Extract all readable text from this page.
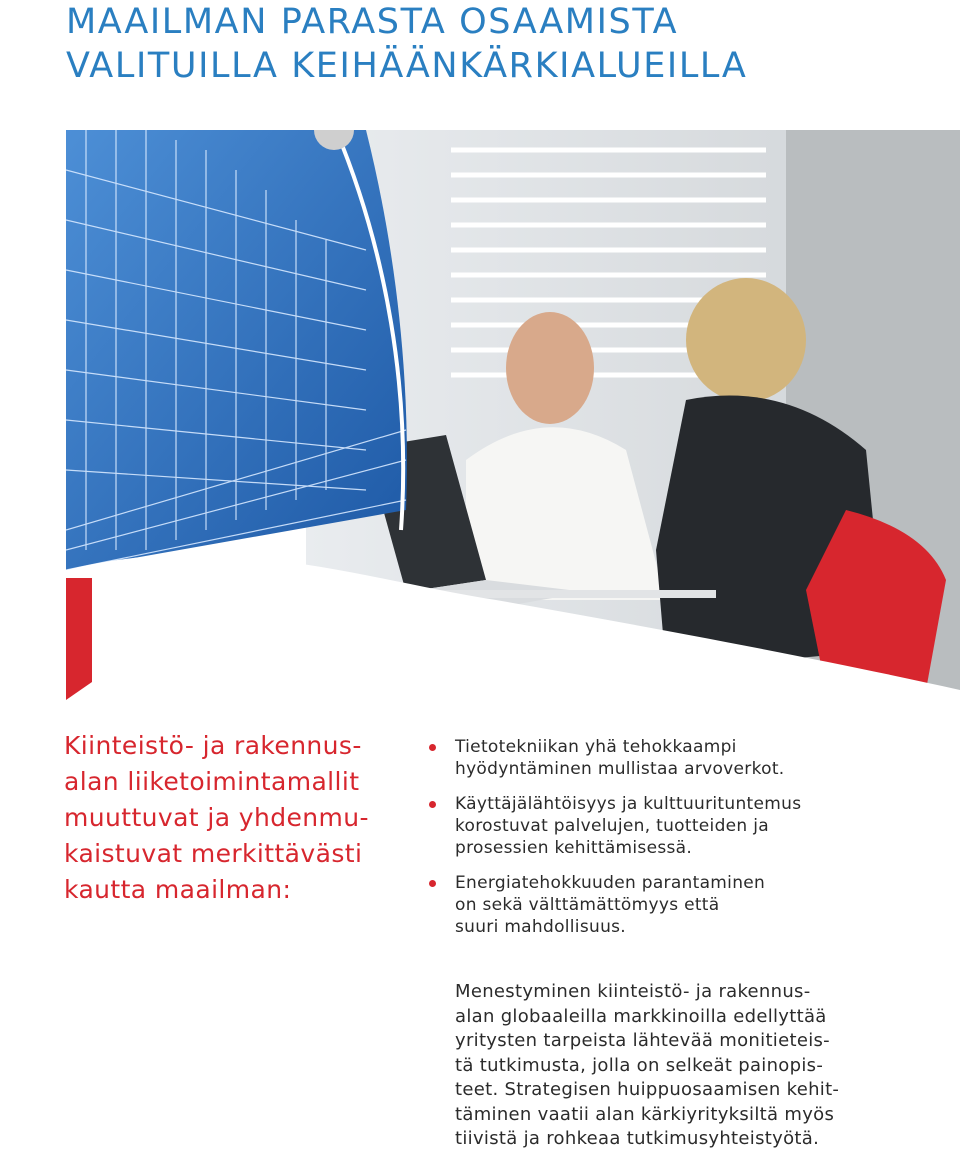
MAAILMAN PARASTA OSAAMISTA
VALITUILLA KEIHÄÄNKÄRKIALUEILLA
Kiinteistö- ja rakennus-
alan liiketoimintamallit
muuttuvat ja yhdenmu-
kaistuvat merkittävästi
kautta maailman:
Tietotekniikan yhä tehokkaampi
hyödyntäminen mullistaa arvoverkot.
Käyttäjälähtöisyys ja kulttuurituntemus
korostuvat palvelujen, tuotteiden ja
prosessien kehittämisessä.
Energiatehokkuuden parantaminen
on sekä välttämättömyys että
suuri mahdollisuus.
Menestyminen kiinteistö- ja rakennus-
alan globaaleilla markkinoilla edellyttää
yritysten tarpeista lähtevää monitieteis-
tä tutkimusta, jolla on selkeät painopis-
teet. Strategisen huippuosaamisen kehit-
täminen vaatii alan kärkiyrityksiltä myös
tiivistä ja rohkeaa tutkimusyhteistyötä.
